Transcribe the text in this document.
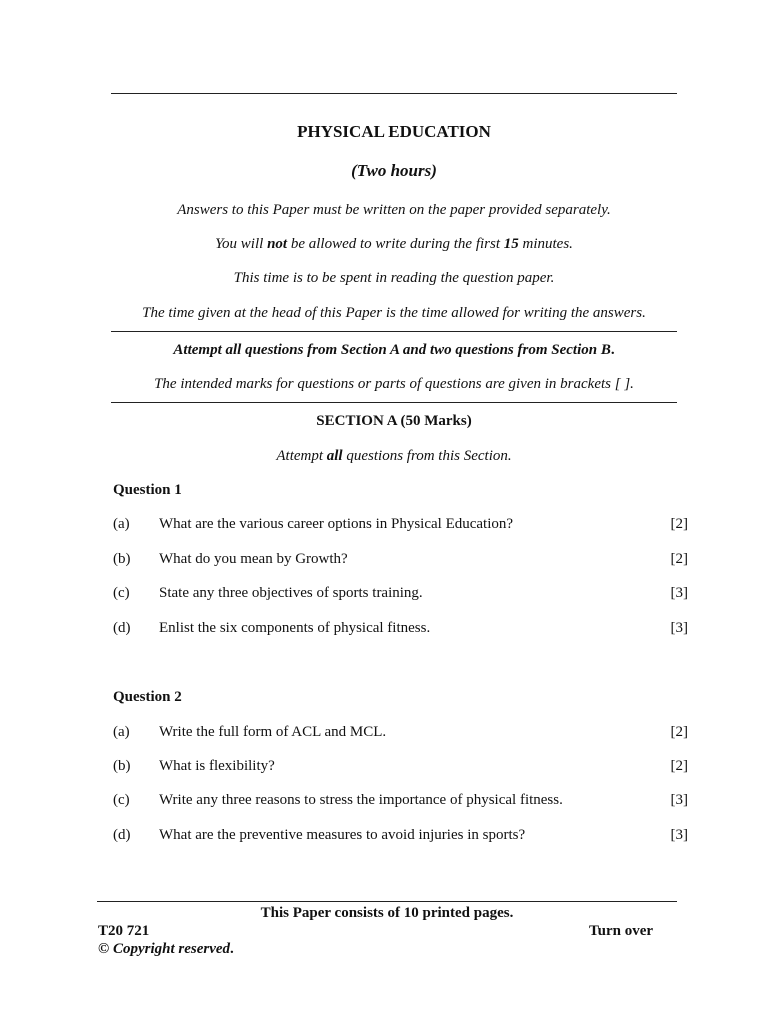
PHYSICAL EDUCATION
(Two hours)
Answers to this Paper must be written on the paper provided separately.
You will not be allowed to write during the first 15 minutes.
This time is to be spent in reading the question paper.
The time given at the head of this Paper is the time allowed for writing the answers.
Attempt all questions from Section A and two questions from Section B.
The intended marks for questions or parts of questions are given in brackets [ ].
SECTION A (50 Marks)
Attempt all questions from this Section.
Question 1
(a) What are the various career options in Physical Education?	[2]
(b) What do you mean by Growth?	[2]
(c) State any three objectives of sports training.	[3]
(d) Enlist the six components of physical fitness.	[3]
Question 2
(a) Write the full form of ACL and MCL.	[2]
(b) What is flexibility?	[2]
(c) Write any three reasons to stress the importance of physical fitness.	[3]
(d) What are the preventive measures to avoid injuries in sports?	[3]
This Paper consists of 10 printed pages.
T20 721	Turn over
© Copyright reserved.
